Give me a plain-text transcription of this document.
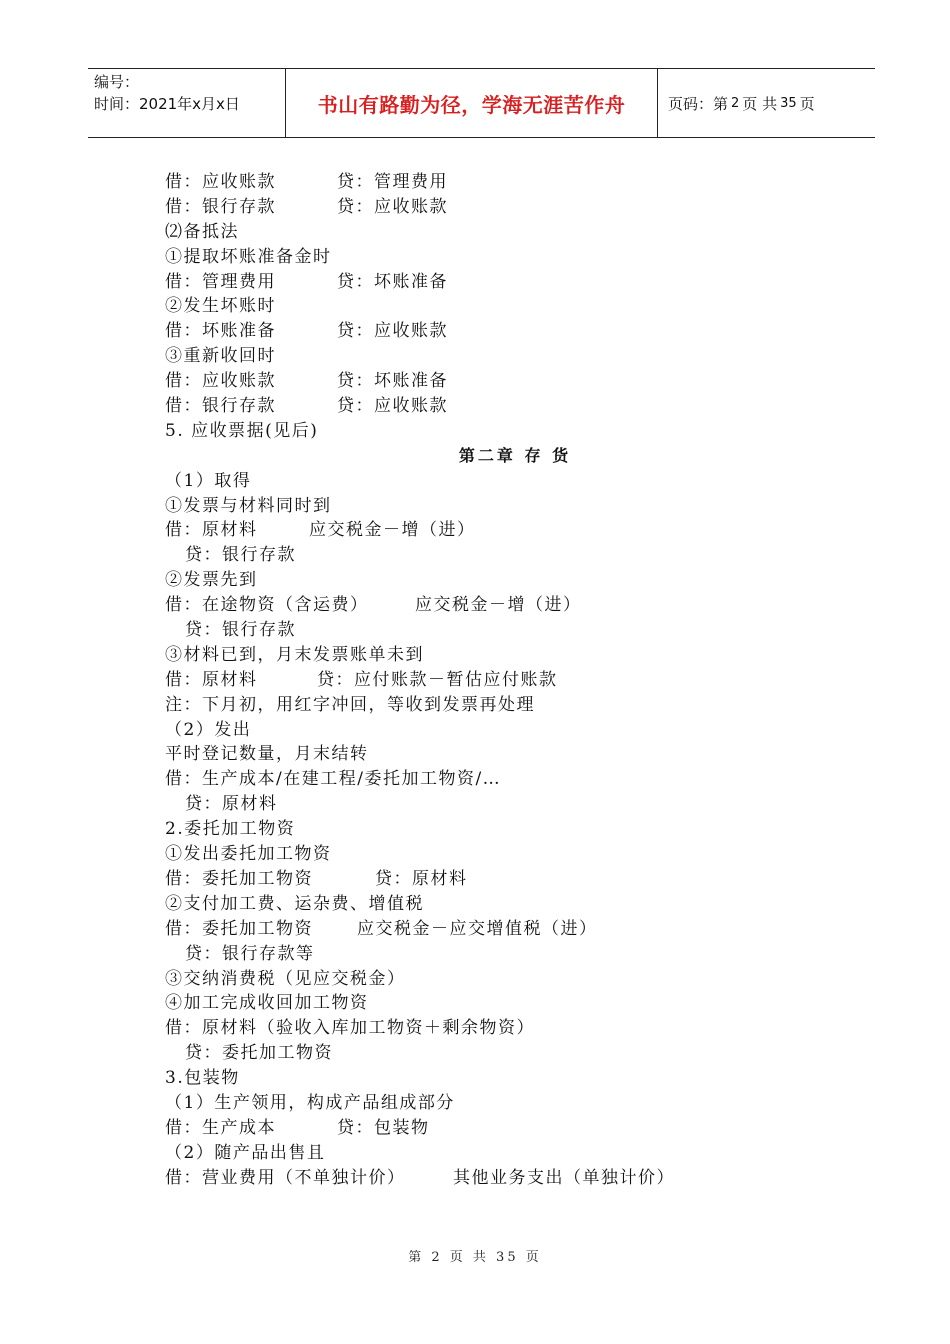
编号：
时间：2021年x月x日	书山有路勤为径，学海无涯苦作舟	页码：第 2 页 共 35 页
借：应收账款	贷：管理费用
借：银行存款	贷：应收账款
⑵备抵法
①提取坏账准备金时
借：管理费用	贷：坏账准备
②发生坏账时
借：坏账准备	贷：应收账款
③重新收回时
借：应收账款	贷：坏账准备
借：银行存款	贷：应收账款
5. 应收票据(见后)
第二章 存 货
（1）取得
①发票与材料同时到
借：原材料	应交税金－增（进）
贷：银行存款
②发票先到
借：在途物资（含运费）	应交税金－增（进）
贷：银行存款
③材料已到，月末发票账单未到
借：原材料	贷：应付账款－暂估应付账款
注：下月初，用红字冲回，等收到发票再处理
（2）发出
平时登记数量，月末结转
借：生产成本/在建工程/委托加工物资/…
贷：原材料
2.委托加工物资
①发出委托加工物资
借：委托加工物资	贷：原材料
②支付加工费、运杂费、增值税
借：委托加工物资	应交税金－应交增值税（进）
贷：银行存款等
③交纳消费税（见应交税金）
④加工完成收回加工物资
借：原材料（验收入库加工物资＋剩余物资）
贷：委托加工物资
3.包装物
（1）生产领用，构成产品组成部分
借：生产成本	贷：包装物
（2）随产品出售且
借：营业费用（不单独计价）	其他业务支出（单独计价）
第 2 页 共 35 页
